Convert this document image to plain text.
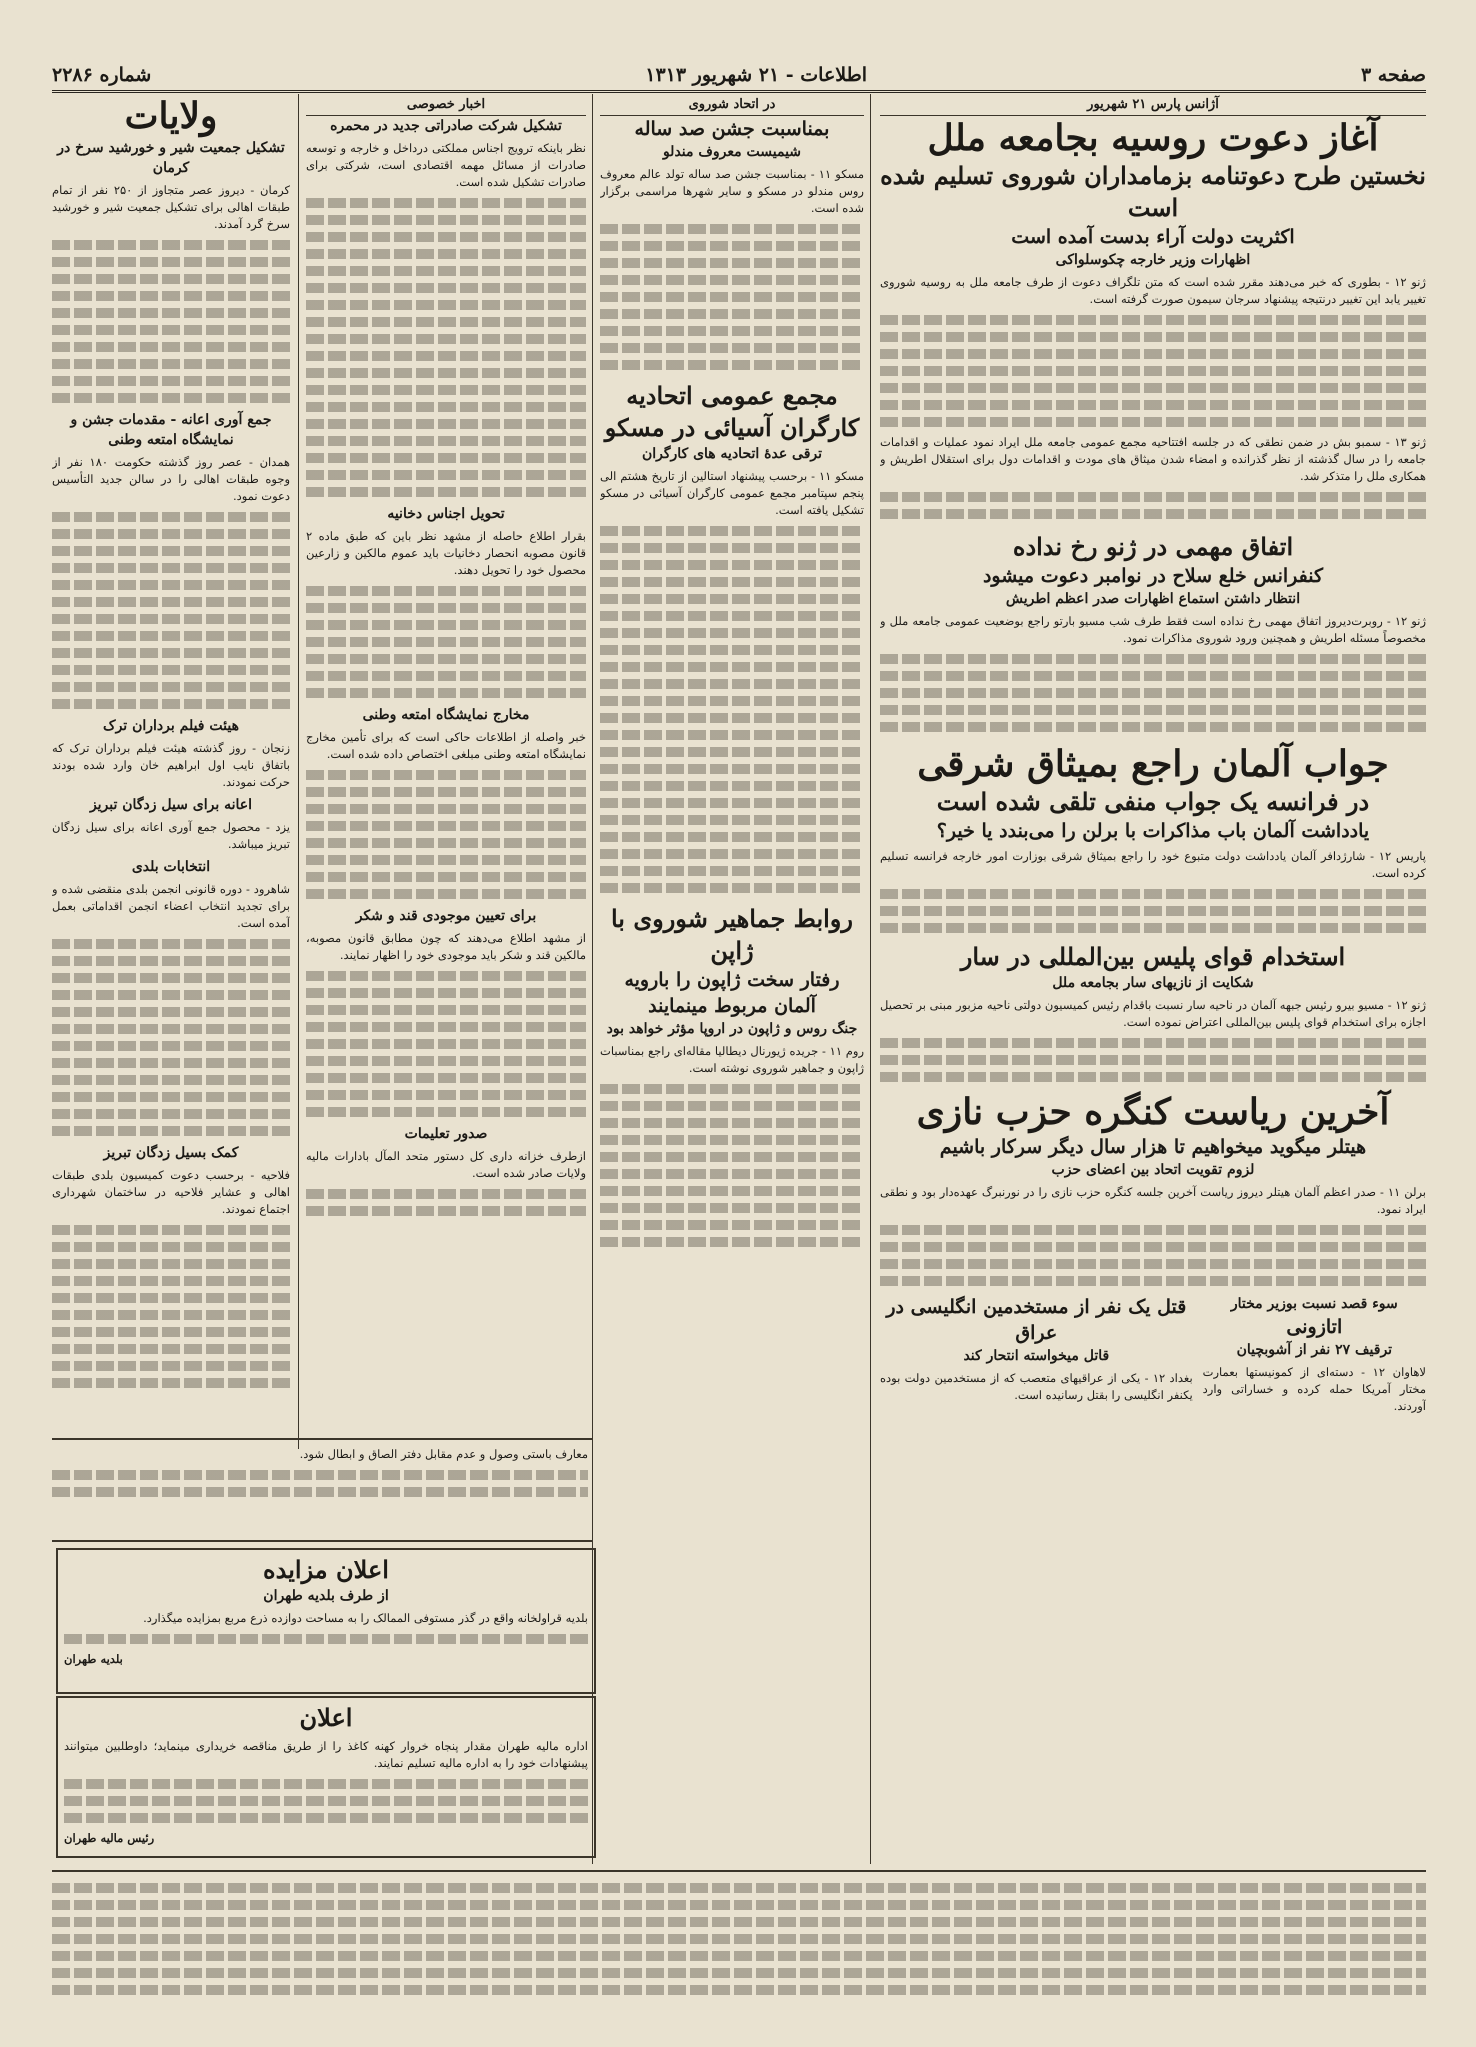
صفحه ۳
اطلاعات - ۲۱ شهریور ۱۳۱۳
شماره ۲۲۸۶
آژانس پارس ۲۱ شهریور
آغاز دعوت روسیه بجامعه ملل
نخستین طرح دعوتنامه بزمامداران شوروی تسلیم شده است
اکثریت دولت آراء بدست آمده است
اظهارات وزیر خارجه چکوسلواکی

ژنو ۱۲ - بطوری که خبر می‌دهند مقرر شده است که متن تلگراف دعوت از طرف جامعه ملل به روسیه شوروی تغییر یابد این تغییر درنتیجه پیشنهاد سرجان سیمون صورت گرفته است.

ژنو ۱۳ - سمبو بش در ضمن نطقی که در جلسه افتتاحیه مجمع عمومی جامعه ملل ایراد نمود عملیات و اقدامات جامعه را در سال گذشته از نظر گذرانده و امضاء شدن میثاق های مودت و اقدامات دول برای استقلال اطریش و همکاری ملل را متذکر شد.

اتفاق مهمی در ژنو رخ نداده
کنفرانس خلع سلاح در نوامبر دعوت میشود
انتظار داشتن استماع اظهارات صدر اعظم اطریش

ژنو ۱۲ - روبرت‌دیروز اتفاق مهمی رخ نداده است فقط طرف شب مسیو بارتو راجع بوضعیت عمومی جامعه ملل و مخصوصاً مسئله اطریش و همچنین ورود شوروی مذاکرات نمود.

جواب آلمان راجع بمیثاق شرقی
در فرانسه یک جواب منفی تلقی شده است
یادداشت آلمان باب مذاکرات با برلن را می‌بندد یا خیر؟

پاریس ۱۲ - شارژدافر آلمان یادداشت دولت متبوع خود را راجع بمیثاق شرقی بوزارت امور خارجه فرانسه تسلیم کرده است.

استخدام قوای پلیس بین‌المللی در سار
شکایت از نازیهای سار بجامعه ملل

ژنو ۱۲ - مسیو بیرو رئیس جبهه آلمان در ناحیه سار نسبت باقدام رئیس کمیسیون دولتی ناحیه مزبور مبنی بر تحصیل اجازه برای استخدام قوای پلیس بین‌المللی اعتراض نموده است.

آخرین ریاست کنگره حزب نازی
هیتلر میگوید میخواهیم تا هزار سال دیگر سرکار باشیم
لزوم تقویت اتحاد بین اعضای حزب

برلن ۱۱ - صدر اعظم آلمان هیتلر دیروز ریاست آخرین جلسه کنگره حزب نازی را در نورنبرگ عهده‌دار بود و نطقی ایراد نمود.

سوء قصد نسبت بوزیر مختار
اتازونی
ترقیف ۲۷ نفر از آشوبچیان

لاهاوان ۱۲ - دسته‌ای از کمونیستها بعمارت مختار آمریکا حمله کرده و خساراتی وارد آوردند.

قتل یک نفر از مستخدمین انگلیسی در عراق
قاتل میخواسته انتحار کند

بغداد ۱۲ - یکی از عراقیهای متعصب که از مستخدمین دولت بوده یکنفر انگلیسی را بقتل رسانیده است.

در اتحاد شوروی
بمناسبت جشن صد ساله
شیمیست معروف مندلو

مسکو ۱۱ - بمناسبت جشن صد ساله تولد عالم معروف روس مندلو در مسکو و سایر شهرها مراسمی برگزار شده است.

مجمع عمومی اتحادیه کارگران آسیائی در مسکو
ترقی عدهٔ اتحادیه های کارگران

مسکو ۱۱ - برحسب پیشنهاد استالین از تاریخ هشتم الی پنجم سپتامبر مجمع عمومی کارگران آسیائی در مسکو تشکیل یافته است.

روابط جماهیر شوروی با ژاپن
رفتار سخت ژاپون را بارویه
آلمان مربوط مینمایند
جنگ روس و ژاپون در اروپا مؤثر خواهد بود

روم ۱۱ - جریده ژیورنال دیطالیا مقاله‌ای راجع بمناسبات ژاپون و جماهیر شوروی نوشته است.

اخبار خصوصی
تشکیل شرکت صادراتی جدید در محمره

نظر باینکه ترویج اجناس مملکتی درداخل و خارجه و توسعه صادرات از مسائل مهمه اقتصادی است، شرکتی برای صادرات تشکیل شده است.

تحویل اجناس دخانیه

بقرار اطلاع حاصله از مشهد نظر باین که طبق ماده ۲ قانون مصوبه انحصار دخانیات باید عموم مالکین و زارعین محصول خود را تحویل دهند.

مخارج نمایشگاه امتعه وطنی

خبر واصله از اطلاعات حاکی است که برای تأمین مخارج نمایشگاه امتعه وطنی مبلغی اختصاص داده شده است.

برای تعیین موجودی قند و شکر

از مشهد اطلاع می‌دهند که چون مطابق قانون مصوبه، مالکین قند و شکر باید موجودی خود را اظهار نمایند.

صدور تعلیمات

ازطرف خزانه داری کل دستور متحد المآل بادارات مالیه ولایات صادر شده است.

ولایات
تشکیل جمعیت شیر و خورشید سرخ در کرمان

کرمان - دیروز عصر متجاوز از ۲۵۰ نفر از تمام طبقات اهالی برای تشکیل جمعیت شیر و خورشید سرخ گرد آمدند.

جمع آوری اعانه - مقدمات جشن و نمایشگاه امتعه وطنی

همدان - عصر روز گذشته حکومت ۱۸۰ نفر از وجوه طبقات اهالی را در سالن جدید التأسیس دعوت نمود.

هیئت فیلم برداران ترک

زنجان - روز گذشته هیئت فیلم برداران ترک که باتفاق نایب اول ابراهیم خان وارد شده بودند حرکت نمودند.

اعانه برای سیل زدگان تبریز

یزد - محصول جمع آوری اعانه برای سیل زدگان تبریز میباشد.

انتخابات بلدی

شاهرود - دوره قانونی انجمن بلدی منقضی شده و برای تجدید انتخاب اعضاء انجمن اقداماتی بعمل آمده است.

کمک بسیل زدگان تبریز

فلاحیه - برحسب دعوت کمیسیون بلدی طبقات اهالی و عشایر فلاحیه در ساختمان شهرداری اجتماع نمودند.

معارف باستی وصول و عدم مقابل دفتر الصاق و ابطال شود.

اعلان مزایده
از طرف بلدیه طهران

بلدیه قراولخانه واقع در گذر مستوفی الممالک را به مساحت دوازده ذرع مربع بمزایده میگذارد.

بلدیه طهران

اعلان

اداره مالیه طهران مقدار پنجاه خروار کهنه کاغذ را از طریق مناقصه خریداری مینماید؛ داوطلبین میتوانند پیشنهادات خود را به اداره مالیه تسلیم نمایند.

رئیس مالیه طهران
